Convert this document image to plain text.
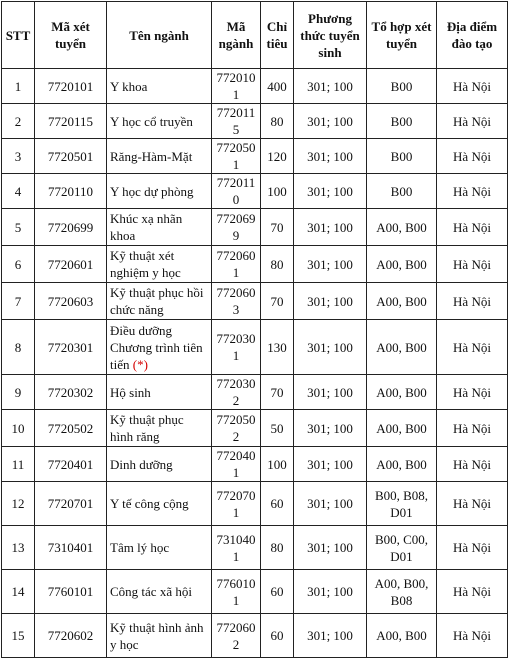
STT	Mã xét tuyển	Tên ngành	Mã ngành	Chỉ tiêu	Phương thức tuyển sinh	Tổ hợp xét tuyển	Địa điểm đào tạo
1	7720101	Y khoa	7720101	400	301; 100	B00	Hà Nội
2	7720115	Y học cổ truyền	7720115	80	301; 100	B00	Hà Nội
3	7720501	Răng-Hàm-Mặt	7720501	120	301; 100	B00	Hà Nội
4	7720110	Y học dự phòng	7720110	100	301; 100	B00	Hà Nội
5	7720699	Khúc xạ nhãn khoa	7720699	70	301; 100	A00, B00	Hà Nội
6	7720601	Kỹ thuật xét nghiệm y học	7720601	80	301; 100	A00, B00	Hà Nội
7	7720603	Kỹ thuật phục hồi chức năng	7720603	70	301; 100	A00, B00	Hà Nội
8	7720301	Điều dưỡng Chương trình tiên tiến (*)	7720301	130	301; 100	A00, B00	Hà Nội
9	7720302	Hộ sinh	7720302	70	301; 100	A00, B00	Hà Nội
10	7720502	Kỹ thuật phục hình răng	7720502	50	301; 100	A00, B00	Hà Nội
11	7720401	Dinh dưỡng	7720401	100	301; 100	A00, B00	Hà Nội
12	7720701	Y tế công cộng	7720701	60	301; 100	B00, B08, D01	Hà Nội
13	7310401	Tâm lý học	7310401	80	301; 100	B00, C00, D01	Hà Nội
14	7760101	Công tác xã hội	7760101	60	301; 100	A00, B00, B08	Hà Nội
15	7720602	Kỹ thuật hình ảnh y học	7720602	60	301; 100	A00, B00	Hà Nội
